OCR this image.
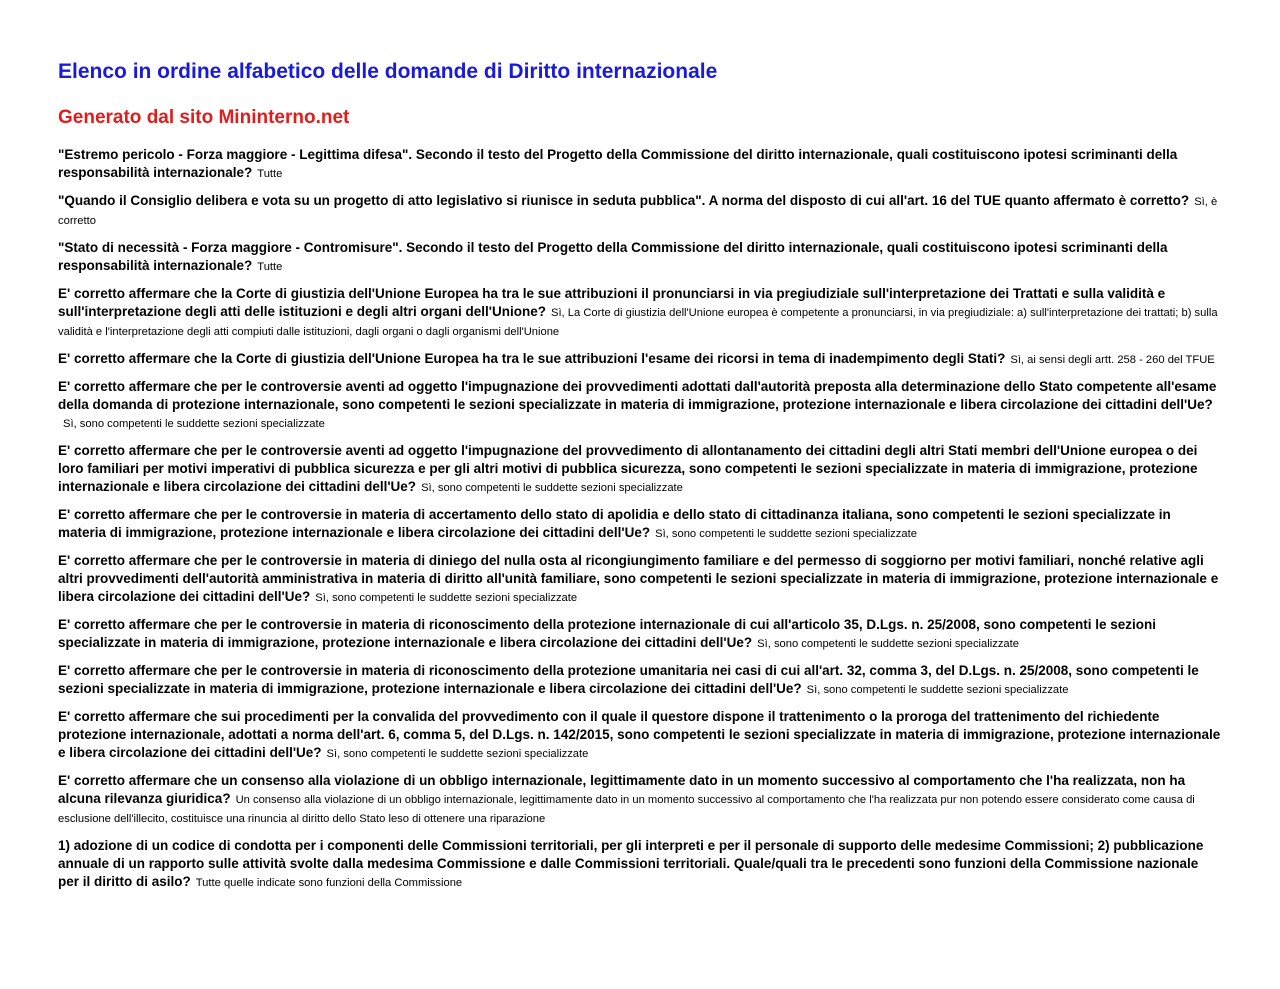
Elenco in ordine alfabetico delle domande di Diritto internazionale
Generato dal sito Mininterno.net
"Estremo pericolo - Forza maggiore - Legittima difesa". Secondo il testo del Progetto della Commissione del diritto internazionale, quali costituiscono ipotesi scriminanti della responsabilità internazionale? Tutte
"Quando il Consiglio delibera e vota su un progetto di atto legislativo si riunisce in seduta pubblica". A norma del disposto di cui all'art. 16 del TUE quanto affermato è corretto? Sì, è corretto
"Stato di necessità - Forza maggiore - Contromisure". Secondo il testo del Progetto della Commissione del diritto internazionale, quali costituiscono ipotesi scriminanti della responsabilità internazionale? Tutte
E' corretto affermare che la Corte di giustizia dell'Unione Europea ha tra le sue attribuzioni il pronunciarsi in via pregiudiziale sull'interpretazione dei Trattati e sulla validità e sull'interpretazione degli atti delle istituzioni e degli altri organi dell'Unione? Sì, La Corte di giustizia dell'Unione europea è competente a pronunciarsi, in via pregiudiziale: a) sull'interpretazione dei trattati; b) sulla validità e l'interpretazione degli atti compiuti dalle istituzioni, dagli organi o dagli organismi dell'Unione
E' corretto affermare che la Corte di giustizia dell'Unione Europea ha tra le sue attribuzioni l'esame dei ricorsi in tema di inadempimento degli Stati? Sì, ai sensi degli artt. 258 - 260 del TFUE
E' corretto affermare che per le controversie aventi ad oggetto l'impugnazione dei provvedimenti adottati dall'autorità preposta alla determinazione dello Stato competente all'esame della domanda di protezione internazionale, sono competenti le sezioni specializzate in materia di immigrazione, protezione internazionale e libera circolazione dei cittadini dell'Ue?Sì, sono competenti le suddette sezioni specializzate
E' corretto affermare che per le controversie aventi ad oggetto l'impugnazione del provvedimento di allontanamento dei cittadini degli altri Stati membri dell'Unione europea o dei loro familiari per motivi imperativi di pubblica sicurezza e per gli altri motivi di pubblica sicurezza, sono competenti le sezioni specializzate in materia di immigrazione, protezione internazionale e libera circolazione dei cittadini dell'Ue? Sì, sono competenti le suddette sezioni specializzate
E' corretto affermare che per le controversie in materia di accertamento dello stato di apolidia e dello stato di cittadinanza italiana, sono competenti le sezioni specializzate in materia di immigrazione, protezione internazionale e libera circolazione dei cittadini dell'Ue? Sì, sono competenti le suddette sezioni specializzate
E' corretto affermare che per le controversie in materia di diniego del nulla osta al ricongiungimento familiare e del permesso di soggiorno per motivi familiari, nonché relative agli altri provvedimenti dell'autorità amministrativa in materia di diritto all'unità familiare, sono competenti le sezioni specializzate in materia di immigrazione, protezione internazionale e libera circolazione dei cittadini dell'Ue? Sì, sono competenti le suddette sezioni specializzate
E' corretto affermare che per le controversie in materia di riconoscimento della protezione internazionale di cui all'articolo 35, D.Lgs. n. 25/2008, sono competenti le sezioni specializzate in materia di immigrazione, protezione internazionale e libera circolazione dei cittadini dell'Ue? Sì, sono competenti le suddette sezioni specializzate
E' corretto affermare che per le controversie in materia di riconoscimento della protezione umanitaria nei casi di cui all'art. 32, comma 3, del D.Lgs. n. 25/2008, sono competenti le sezioni specializzate in materia di immigrazione, protezione internazionale e libera circolazione dei cittadini dell'Ue? Sì, sono competenti le suddette sezioni specializzate
E' corretto affermare che sui procedimenti per la convalida del provvedimento con il quale il questore dispone il trattenimento o la proroga del trattenimento del richiedente protezione internazionale, adottati a norma dell'art. 6, comma 5, del D.Lgs. n. 142/2015, sono competenti le sezioni specializzate in materia di immigrazione, protezione internazionale e libera circolazione dei cittadini dell'Ue? Sì, sono competenti le suddette sezioni specializzate
E' corretto affermare che un consenso alla violazione di un obbligo internazionale, legittimamente dato in un momento successivo al comportamento che l'ha realizzata, non ha alcuna rilevanza giuridica? Un consenso alla violazione di un obbligo internazionale, legittimamente dato in un momento successivo al comportamento che l'ha realizzata pur non potendo essere considerato come causa di esclusione dell'illecito, costituisce una rinuncia al diritto dello Stato leso di ottenere una riparazione
1) adozione di un codice di condotta per i componenti delle Commissioni territoriali, per gli interpreti e per il personale di supporto delle medesime Commissioni; 2) pubblicazione annuale di un rapporto sulle attività svolte dalla medesima Commissione e dalle Commissioni territoriali. Quale/quali tra le precedenti sono funzioni della Commissione nazionale per il diritto di asilo? Tutte quelle indicate sono funzioni della Commissione
